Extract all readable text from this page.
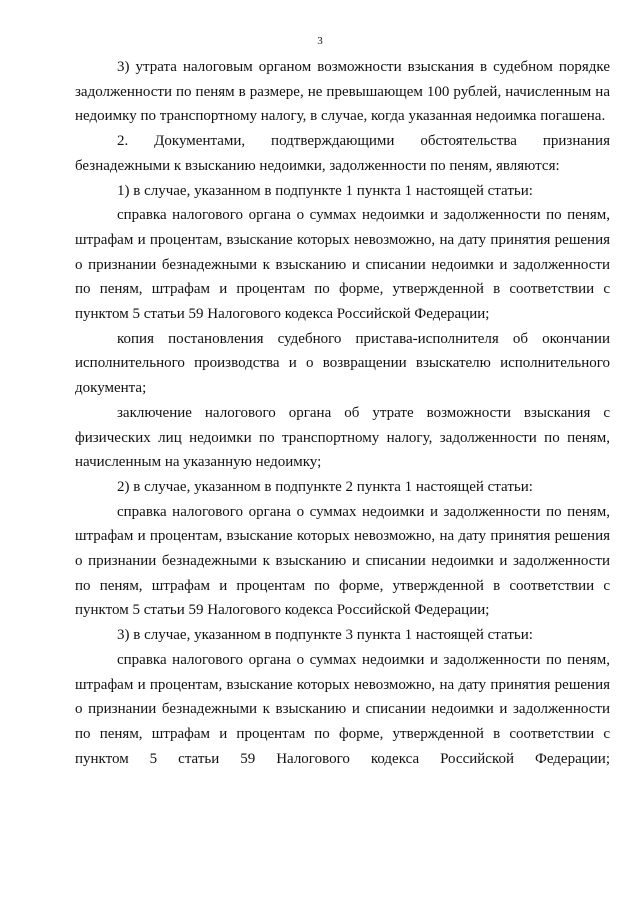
3

3) утрата налоговым органом возможности взыскания в судебном порядке задолженности по пеням в размере, не превышающем 100 рублей, начисленным на недоимку по транспортному налогу, в случае, когда указанная недоимка погашена.

2. Документами, подтверждающими обстоятельства признания безнадежными к взысканию недоимки, задолженности по пеням, являются:

1) в случае, указанном в подпункте 1 пункта 1 настоящей статьи:

справка налогового органа о суммах недоимки и задолженности по пеням, штрафам и процентам, взыскание которых невозможно, на дату принятия решения о признании безнадежными к взысканию и списании недоимки и задолженности по пеням, штрафам и процентам по форме, утвержденной в соответствии с пунктом 5 статьи 59 Налогового кодекса Российской Федерации;

копия постановления судебного пристава-исполнителя об окончании исполнительного производства и о возвращении взыскателю исполнительного документа;

заключение налогового органа об утрате возможности взыскания с физических лиц недоимки по транспортному налогу, задолженности по пеням, начисленным на указанную недоимку;

2) в случае, указанном в подпункте 2 пункта 1 настоящей статьи:

справка налогового органа о суммах недоимки и задолженности по пеням, штрафам и процентам, взыскание которых невозможно, на дату принятия решения о признании безнадежными к взысканию и списании недоимки и задолженности по пеням, штрафам и процентам по форме, утвержденной в соответствии с пунктом 5 статьи 59 Налогового кодекса Российской Федерации;

3) в случае, указанном в подпункте 3 пункта 1 настоящей статьи:

справка налогового органа о суммах недоимки и задолженности по пеням, штрафам и процентам, взыскание которых невозможно, на дату принятия решения о признании безнадежными к взысканию и списании недоимки и задолженности по пеням, штрафам и процентам по форме, утвержденной в соответствии с пунктом 5 статьи 59 Налогового кодекса Российской Федерации;
